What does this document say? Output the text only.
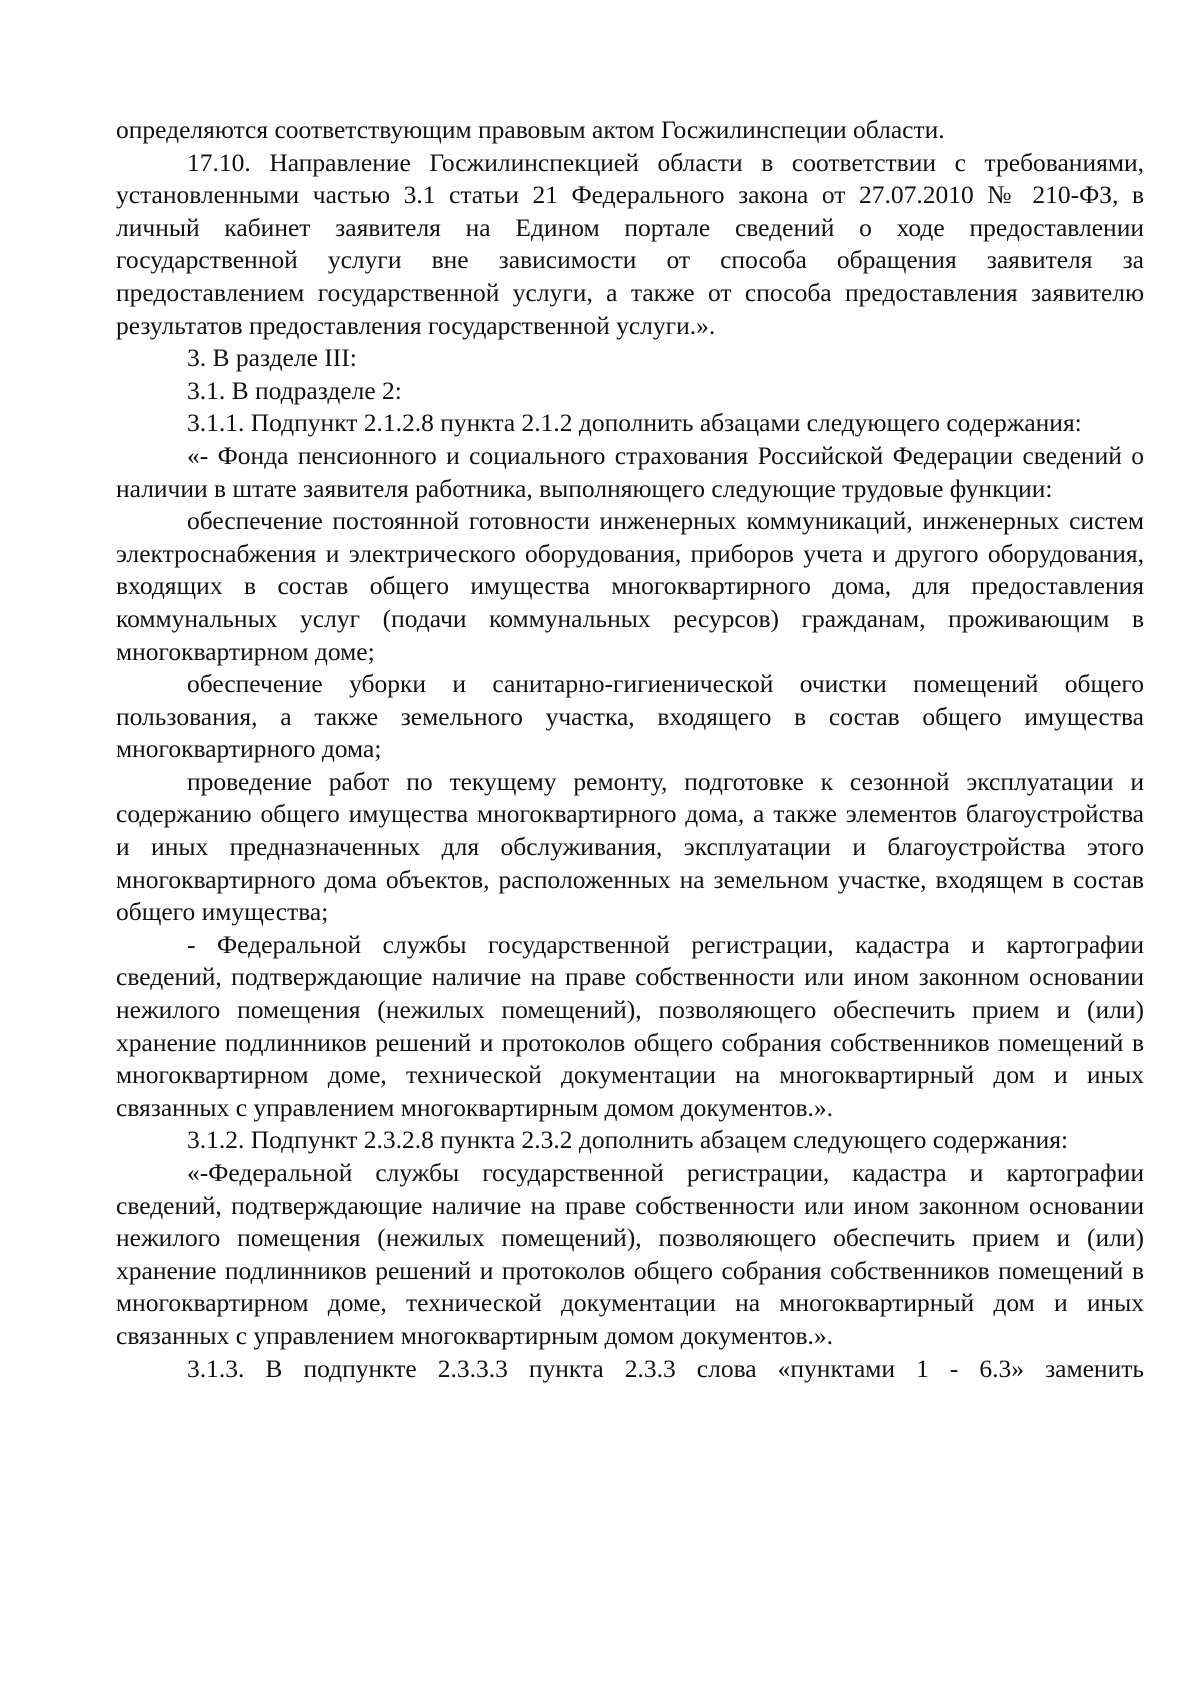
определяются соответствующим правовым актом Госжилинспеции области.

17.10. Направление Госжилинспекцией области в соответствии с требованиями, установленными частью 3.1 статьи 21 Федерального закона от 27.07.2010 № 210-ФЗ, в личный кабинет заявителя на Едином портале сведений о ходе предоставлении государственной услуги вне зависимости от способа обращения заявителя за предоставлением государственной услуги, а также от способа предоставления заявителю результатов предоставления государственной услуги.».

3. В разделе III:

3.1. В подразделе 2:

3.1.1. Подпункт 2.1.2.8 пункта 2.1.2 дополнить абзацами следующего содержания:

«- Фонда пенсионного и социального страхования Российской Федерации сведений о наличии в штате заявителя работника, выполняющего следующие трудовые функции:

обеспечение постоянной готовности инженерных коммуникаций, инженерных систем электроснабжения и электрического оборудования, приборов учета и другого оборудования, входящих в состав общего имущества многоквартирного дома, для предоставления коммунальных услуг (подачи коммунальных ресурсов) гражданам, проживающим в многоквартирном доме;

обеспечение уборки и санитарно-гигиенической очистки помещений общего пользования, а также земельного участка, входящего в состав общего имущества многоквартирного дома;

проведение работ по текущему ремонту, подготовке к сезонной эксплуатации и содержанию общего имущества многоквартирного дома, а также элементов благоустройства и иных предназначенных для обслуживания, эксплуатации и благоустройства этого многоквартирного дома объектов, расположенных на земельном участке, входящем в состав общего имущества;

- Федеральной службы государственной регистрации, кадастра и картографии сведений, подтверждающие наличие на праве собственности или ином законном основании нежилого помещения (нежилых помещений), позволяющего обеспечить прием и (или) хранение подлинников решений и протоколов общего собрания собственников помещений в многоквартирном доме, технической документации на многоквартирный дом и иных связанных с управлением многоквартирным домом документов.».

3.1.2. Подпункт 2.3.2.8 пункта 2.3.2 дополнить абзацем следующего содержания:

«-Федеральной службы государственной регистрации, кадастра и картографии сведений, подтверждающие наличие на праве собственности или ином законном основании нежилого помещения (нежилых помещений), позволяющего обеспечить прием и (или) хранение подлинников решений и протоколов общего собрания собственников помещений в многоквартирном доме, технической документации на многоквартирный дом и иных связанных с управлением многоквартирным домом документов.».

3.1.3. В подпункте 2.3.3.3 пункта 2.3.3 слова «пунктами 1 - 6.3» заменить
